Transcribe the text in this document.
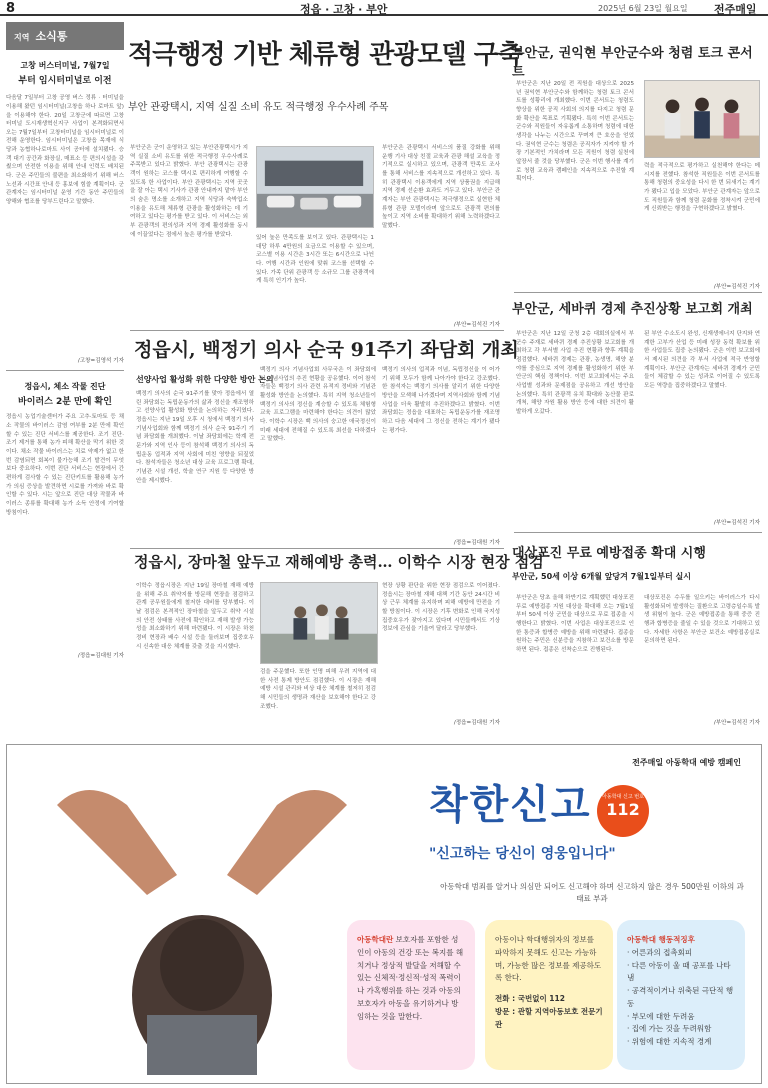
8	정읍 · 고창 · 부안	2025년 6월 23일 월요일 전주매일
지역 소식통
고창 버스터미널, 7월7일
부터 임시터미널로 이전
다음달 7일부터 고창 공영 버스 정류 · 터미널을 이용해 왔던 임시터미널(고창읍 하나 로마트 앞)을 이용해야 한다. 20일 고창군에 따르면 고창 터미널 도시재생혁신지구 사업이 본격화되면서 오는 7월7일부터 고창터미널을 임시터미널로 이전해 운영한다. 임시터미널은 고창읍 목재에 식당과 농협하나로마트 사이 공터에 설치됐다. 승객 대기 공간과 화장실, 매표소 등 편의시설을 갖췄으며 안전한 이용을 위해 안내 인력도 배치된다. 군은 주민들의 불편을 최소화하기 위해 버스 노선과 시간표 안내 등 홍보에 힘쓸 계획이다. 군 관계자는 임시터미널 운영 기간 동안 주민들의 양해와 협조를 당부드린다고 말했다.
/고창=김영석 기자
정읍시, 체소 작물 진단
바이러스 2분 만에 확인
정읍시 농업기술센터가 주요 고추·토마토 등 채소 작물의 바이러스 감염 여부를 2분 만에 확인할 수 있는 진단 서비스를 제공한다. 조기 진단·조기 제거를 통해 농가 피해 확산을 막기 위한 것이다. 채소 작물 바이러스는 치료 약제가 없고 한번 감염되면 회복이 불가능해 조기 발견이 무엇보다 중요하다. 이번 진단 서비스는 현장에서 간편하게 검사할 수 있는 진단키트를 활용해 농가가 의심 증상을 발견하면 시료를 가져와 바로 확인할 수 있다. 시는 앞으로 진단 대상 작물과 바이러스 종류를 확대해 농가 소득 안정에 기여할 방침이다.
/정읍=김대원 기자
적극행정 기반 체류형 관광모델 구축
부안 관광택시, 지역 실질 소비 유도 적극행정 우수사례 주목
부안군은 군이 운영하고 있는 부안관광택시가 지역 실질 소비 유도를 위한 적극행정 우수사례로 주목받고 있다고 밝혔다. 부안 관광택시는 관광객이 원하는 코스를 택시로 편리하게 여행할 수 있도록 한 사업이다. 부안 관광택시는 지역 곳곳을 잘 아는 택시 기사가 관광 안내까지 맡아 부안의 숨은 명소를 소개하고 지역 식당과 숙박업소 이용을 유도해 체류형 관광을 활성화하는 데 기여하고 있다는 평가를 받고 있다. 이 서비스는 외부 관광객의 편의성과 지역 경제 활성화를 동시에 이끌었다는 점에서 높은 평가를 받았다.
있어 높은 만족도를 보이고 있다. 관광택시는 1대당 하루 4만원의 요금으로 이용할 수 있으며, 코스별 이용 시간은 3시간 또는 6시간으로 나뉜다. 여행 시간과 인원에 맞춰 코스를 선택할 수 있다. 가족 단위 관광객 등 소규모 그룹 관광객에게 특히 인기가 높다.
부안군은 관광택시 서비스의 품질 강화를 위해 운행 기사 대상 친절 교육과 관광 해설 교육을 정기적으로 실시하고 있으며, 관광객 만족도 조사를 통해 서비스를 지속적으로 개선하고 있다. 특히 관광택시 이용객에게 지역 상품권을 지급해 지역 경제 선순환 효과도 거두고 있다. 부안군 관계자는 부안 관광택시는 적극행정으로 실현한 체류형 관광 모델이라며 앞으로도 관광객 편의를 높이고 지역 소비를 확대하기 위해 노력하겠다고 말했다.
/부안=김석진 기자
정읍시, 백정기 의사 순국 91주기 좌담회 개최
선양사업 활성화 위한 다양한 방안 논의
백정기 의사의 순국 91주기를 맞아 정읍에서 열린 좌담회는 독립운동가의 삶과 정신을 재조명하고 선양사업 활성화 방안을 논의하는 자리였다. 정읍시는 지난 19일 오후 시 청에서 백정기 의사 기념사업회와 함께 백정기 의사 순국 91주기 기념 좌담회를 개최했다. 이날 좌담회에는 학계 전문가와 지역 인사 등이 참석해 백정기 의사의 독립운동 업적과 지역 사회에 미친 영향을 되짚었다. 참석자들은 청소년 대상 교육 프로그램 확대, 기념관 시설 개선, 학술 연구 지원 등 다양한 방안을 제시했다.
백정기 의사 기념사업회 사무국은 이 좌담회에서 기념사업의 추진 현황을 공유했다. 이어 참석자들은 백정기 의사 관련 유적지 정비와 기념관 활성화 방안을 논의했다. 특히 지역 청소년들이 백정기 의사의 정신을 계승할 수 있도록 체험형 교육 프로그램을 마련해야 한다는 의견이 많았다. 이학수 시장은 백 의사의 숭고한 애국정신이 미래 세대에 전해질 수 있도록 최선을 다하겠다고 말했다.
백정기 의사의 업적과 이념, 독립정신을 이 어가기 위해 모두가 함께 나아가야 한다고 강조했다. 한 참석자는 백정기 의사를 알리기 위한 다양한 방안을 모색해 나가겠다며 지역사회와 함께 기념사업을 더욱 활발히 추진하겠다고 밝혔다. 이번 좌담회는 정읍을 대표하는 독립운동가를 재조명하고 다음 세대에 그 정신을 전하는 계기가 됐다는 평가다.
/정읍=김대원 기자
정읍시, 장마철 앞두고 재해예방 총력… 이학수 시장 현장 점검
이학수 정읍시장은 지난 19일 장마철 재해 예방을 위해 주요 취약지를 방문해 현장을 점검하고 관계 공무원들에게 철저한 대비를 당부했다. 이날 점검은 본격적인 장마철을 앞두고 취약 시설의 안전 상태를 사전에 확인하고 재해 발생 가능성을 최소화하기 위해 마련됐다. 이 시장은 하천 정비 현장과 배수 시설 등을 둘러보며 집중호우 시 신속한 대응 체계를 갖출 것을 지시했다.
검을 주문했다. 또한 인명 피해 우려 지역에 대한 사전 통제 방안도 점검했다. 이 시장은 재해 예방 시설 관리와 비상 대응 체계를 철저히 점검해 시민들의 생명과 재산을 보호해야 한다고 강조했다.
현장 상황 판단을 위한 현장 점검으로 이어졌다. 정읍시는 장마철 재해 대책 기간 동안 24시간 비상 근무 체계를 유지하며 피해 예방에 만전을 기할 방침이다. 이 시장은 기후 변화로 인해 국지성 집중호우가 잦아지고 있다며 시민들께서도 기상 정보에 관심을 기울여 달라고 당부했다.
/정읍=김대원 기자
부안군, 권익현 부안군수와 청렴 토크 콘서트
부안군은 지난 20일 전 직원을 대상으로 2025년 권익현 부안군수와 함께하는 청렴 토크 콘서트를 성황리에 개최했다. 이번 콘서트는 청렴도 향상을 위한 공직 사회의 의지를 다지고 청렴 문화 확산을 목표로 기획됐다. 특히 이번 콘서트는 군수와 직원들이 자유롭게 소통하며 청렴에 대한 생각을 나누는 시간으로 꾸며져 큰 호응을 얻었다. 권익현 군수는 청렴은 공직자가 지켜야 할 가장 기본적인 가치라며 모든 직원이 청렴 실천에 앞장서 줄 것을 당부했다. 군은 이번 행사를 계기로 청렴 교육과 캠페인을 지속적으로 추진할 계획이다.
력을 적극적으로 평가하고 실천해야 한다는 메시지를 전했다. 참석한 직원들은 이번 콘서트를 통해 청렴의 중요성을 다시 한 번 되새기는 계기가 됐다고 입을 모았다. 부안군 관계자는 앞으로도 직원들과 함께 청렴 문화를 정착시켜 군민에게 신뢰받는 행정을 구현하겠다고 밝혔다.
/부안=김석진 기자
부안군, 세바퀴 경제 추진상황 보고회 개최
부안군은 지난 12일 군청 2층 대회의실에서 부군수 주재로 세바퀴 경제 추진상황 보고회를 개최하고 각 부서별 사업 추진 현황과 향후 계획을 점검했다. 세바퀴 경제는 관광, 농생명, 해양 분야를 중심으로 지역 경제를 활성화하기 위한 부안군의 핵심 정책이다. 이번 보고회에서는 주요 사업별 성과와 문제점을 공유하고 개선 방안을 논의했다. 특히 관광객 유치 확대와 농산물 판로 개척, 해양 자원 활용 방안 등에 대한 의견이 활발하게 오갔다.
된 부안 수소도시 완성, 신재생에너지 단지와 연계한 고부가 산업 등 미래 성장 동력 확보를 위한 사업들도 집중 논의됐다. 군은 이번 보고회에서 제시된 의견을 각 부서 사업에 적극 반영할 계획이다. 부안군 관계자는 세바퀴 경제가 군민들이 체감할 수 있는 성과로 이어질 수 있도록 모든 역량을 집중하겠다고 말했다.
/부안=김석진 기자
대상포진 무료 예방접종 확대 시행
부안군, 50세 이상 6개월 앞당겨 7월1일부터 실시
부안군은 당초 올해 하반기로 계획했던 대상포진 무료 예방접종 지원 대상을 확대해 오는 7월1일부터 50세 이상 군민을 대상으로 무료 접종을 시행한다고 밝혔다. 이번 사업은 대상포진으로 인한 통증과 합병증 예방을 위해 마련됐다. 접종을 원하는 주민은 신분증을 지참하고 보건소를 방문하면 된다. 접종은 선착순으로 진행된다.
대상포진은 수두를 일으키는 바이러스가 다시 활성화되어 발생하는 질환으로 고령층일수록 발생 위험이 높다. 군은 예방접종을 통해 중증 진행과 합병증을 줄일 수 있을 것으로 기대하고 있다. 자세한 사항은 부안군 보건소 예방접종실로 문의하면 된다.
/부안=김석진 기자
전주매일 아동학대 예방 캠페인
착한신고	아동학대 신고 번호
112
"신고하는 당신이 영웅입니다"
아동학대 범죄를 알거나 의심만 되어도 신고해야 하며 신고하지 않은 경우 500만원 이하의 과태료 부과
아동학대란 보호자를 포함한 성인이 아동의 건강 또는 복지를 해치거나 정상적 발달을 저해할 수 있는 신체적·정신적·성적 폭력이나 가혹행위를 하는 것과 아동의 보호자가 아동을 유기하거나 방임하는 것을 말한다.
아동이나 학대행위자의 정보를 파악하지 못해도 신고는 가능하며, 가능한 많은 정보를 제공하도록 한다.
전화 : 국번없이 112
방문 : 관할 지역아동보호 전문기관
아동학대 행동적징후
· 어른과의 접촉회피
· 다른 아동이 울 때 공포를 나타냄
· 공격적이거나 위축된 극단적 행동
· 부모에 대한 두려움
· 집에 가는 것을 두려워함
· 위험에 대한 지속적 경계
